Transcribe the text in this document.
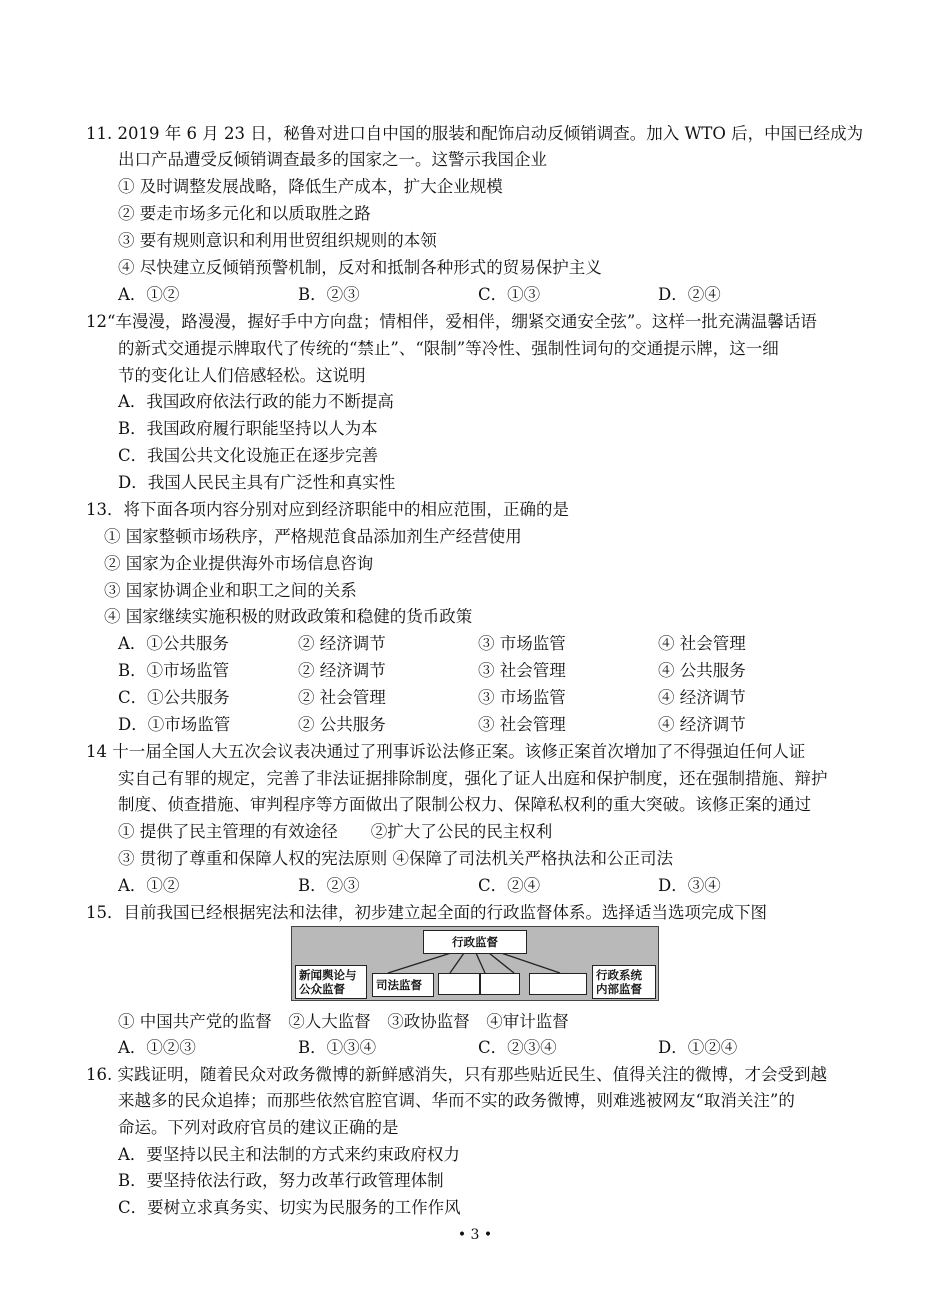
11. 2019 年 6 月 23 日，秘鲁对进口自中国的服装和配饰启动反倾销调查。加入 WTO 后，中国已经成为
出口产品遭受反倾销调查最多的国家之一。这警示我国企业
① 及时调整发展战略，降低生产成本，扩大企业规模
② 要走市场多元化和以质取胜之路
③ 要有规则意识和利用世贸组织规则的本领
④ 尽快建立反倾销预警机制，反对和抵制各种形式的贸易保护主义
A．①②	B．②③	C．①③	D．②④
12“车漫漫，路漫漫，握好手中方向盘；情相伴，爱相伴，绷紧交通安全弦”。这样一批充满温馨话语
的新式交通提示牌取代了传统的“禁止”、“限制”等冷性、强制性词句的交通提示牌，这一细
节的变化让人们倍感轻松。这说明
A．我国政府依法行政的能力不断提高
B．我国政府履行职能坚持以人为本
C．我国公共文化设施正在逐步完善
D．我国人民民主具有广泛性和真实性
13．将下面各项内容分别对应到经济职能中的相应范围，正确的是
① 国家整顿市场秩序，严格规范食品添加剂生产经营使用
② 国家为企业提供海外市场信息咨询
③ 国家协调企业和职工之间的关系
④ 国家继续实施积极的财政政策和稳健的货币政策
A．①公共服务	② 经济调节	③ 市场监管	④ 社会管理
B．①市场监管	② 经济调节	③ 社会管理	④ 公共服务
C．①公共服务	② 社会管理	③ 市场监管	④ 经济调节
D．①市场监管	② 公共服务	③ 社会管理	④ 经济调节
14 十一届全国人大五次会议表决通过了刑事诉讼法修正案。该修正案首次增加了不得强迫任何人证
实自己有罪的规定，完善了非法证据排除制度，强化了证人出庭和保护制度，还在强制措施、辩护
制度、侦查措施、审判程序等方面做出了限制公权力、保障私权利的重大突破。该修正案的通过
① 提供了民主管理的有效途径　　②扩大了公民的民主权利
③ 贯彻了尊重和保障人权的宪法原则 ④保障了司法机关严格执法和公正司法
A．①②	B．②③	C．②④	D．③④
15．目前我国已经根据宪法和法律，初步建立起全面的行政监督体系。选择适当选项完成下图
行政监督
新闻舆论与
公众监督	司法监督
行政系统
内部监督
① 中国共产党的监督　②人大监督　③政协监督　④审计监督
A．①②③	B．①③④	C．②③④	D．①②④
16. 实践证明，随着民众对政务微博的新鲜感消失，只有那些贴近民生、值得关注的微博，才会受到越
来越多的民众追捧；而那些依然官腔官调、华而不实的政务微博，则难逃被网友“取消关注”的
命运。下列对政府官员的建议正确的是
A．要坚持以民主和法制的方式来约束政府权力
B．要坚持依法行政，努力改革行政管理体制
C．要树立求真务实、切实为民服务的工作作风
• 3 •
